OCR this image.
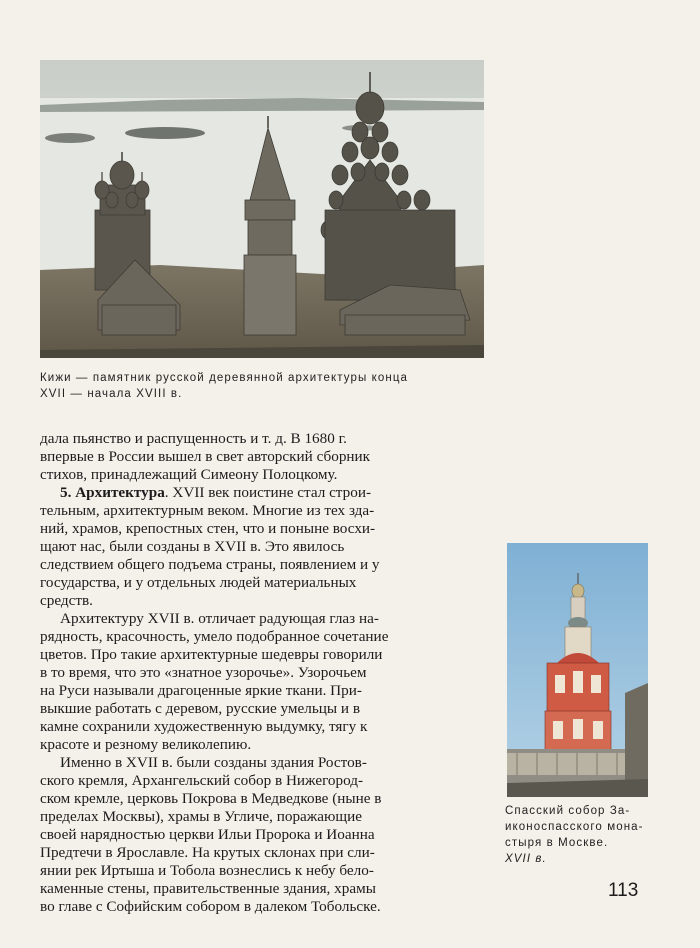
Кижи — памятник русской деревянной архитектуры конца
XVII — начала XVIII в.
дала пьянство и распущенность и т. д. В 1680 г.
впервые в России вышел в свет авторский сборник
стихов, принадлежащий Симеону Полоцкому.
5. Архитектура. XVII век поистине стал строи-
тельным, архитектурным веком. Многие из тех зда-
ний, храмов, крепостных стен, что и поныне восхи-
щают нас, были созданы в XVII в. Это явилось
следствием общего подъема страны, появлением и у
государства, и у отдельных людей материальных
средств.
Архитектуру XVII в. отличает радующая глаз на-
рядность, красочность, умело подобранное сочетание
цветов. Про такие архитектурные шедевры говорили
в то время, что это «знатное узорочье». Узорочьем
на Руси называли драгоценные яркие ткани. При-
выкшие работать с деревом, русские умельцы и в
камне сохранили художественную выдумку, тягу к
красоте и резному великолепию.
Именно в XVII в. были созданы здания Ростов-
ского кремля, Архангельский собор в Нижегород-
ском кремле, церковь Покрова в Медведкове (ныне в
пределах Москвы), храмы в Угличе, поражающие
своей нарядностью церкви Ильи Пророка и Иоанна
Предтечи в Ярославле. На крутых склонах при сли-
янии рек Иртыша и Тобола вознеслись к небу бело-
каменные стены, правительственные здания, храмы
во главе с Софийским собором в далеком Тобольске.
Спасский собор За-
иконоспасского мона-
стыря в Москве.
XVII в.
113
